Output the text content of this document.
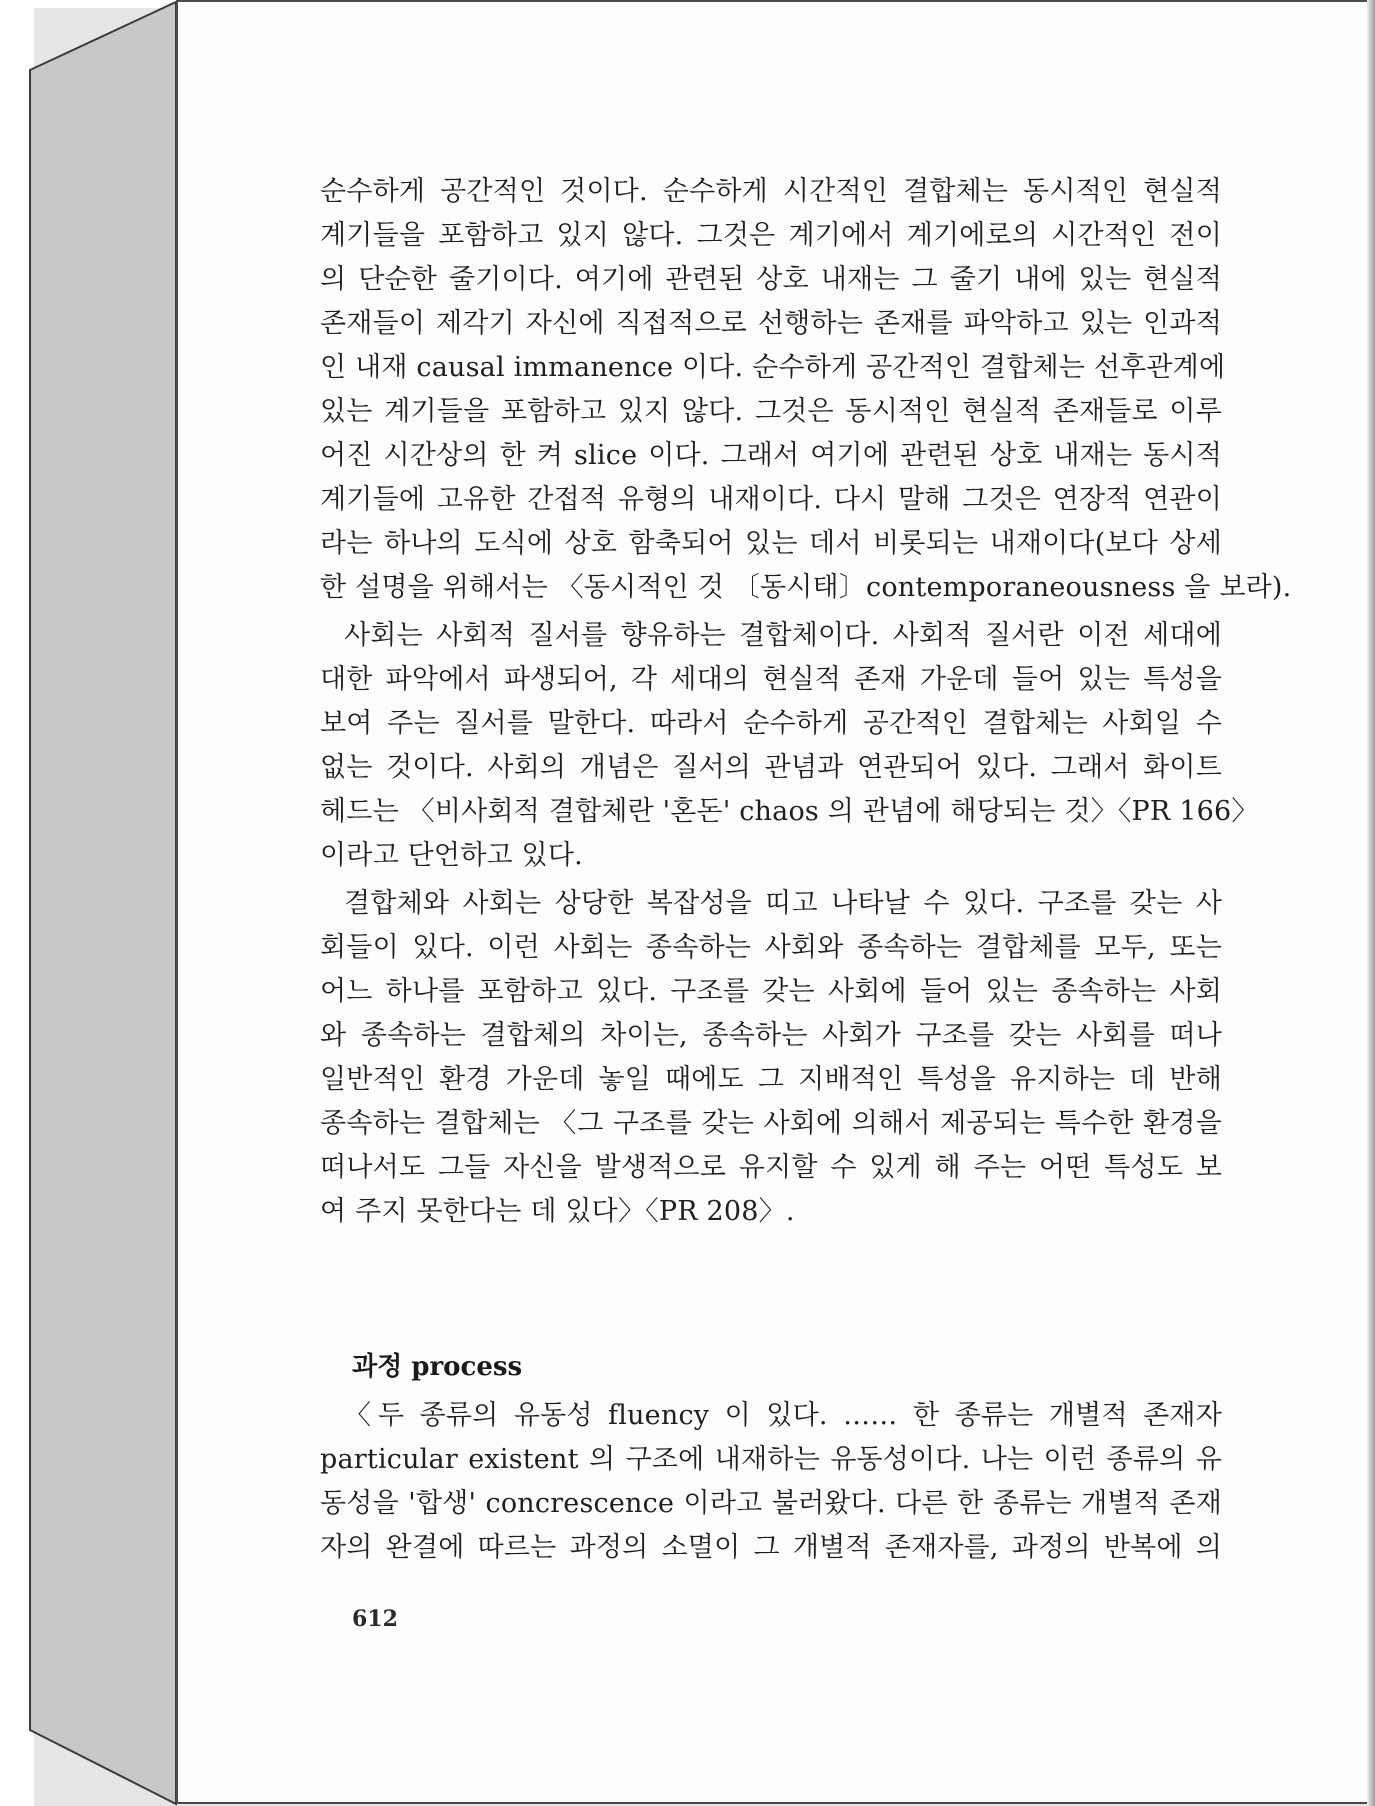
순수하게 공간적인 것이다. 순수하게 시간적인 결합체는 동시적인 현실적
계기들을 포함하고 있지 않다. 그것은 계기에서 계기에로의 시간적인 전이
의 단순한 줄기이다. 여기에 관련된 상호 내재는 그 줄기 내에 있는 현실적
존재들이 제각기 자신에 직접적으로 선행하는 존재를 파악하고 있는 인과적
인 내재 causal immanence 이다. 순수하게 공간적인 결합체는 선후관계에
있는 계기들을 포함하고 있지 않다. 그것은 동시적인 현실적 존재들로 이루
어진 시간상의 한 켜 slice 이다. 그래서 여기에 관련된 상호 내재는 동시적
계기들에 고유한 간접적 유형의 내재이다. 다시 말해 그것은 연장적 연관이
라는 하나의 도식에 상호 함축되어 있는 데서 비롯되는 내재이다(보다 상세
한 설명을 위해서는 〈동시적인 것 〔동시태〕contemporaneousness 을 보라).
사회는 사회적 질서를 향유하는 결합체이다. 사회적 질서란 이전 세대에
대한 파악에서 파생되어, 각 세대의 현실적 존재 가운데 들어 있는 특성을
보여 주는 질서를 말한다. 따라서 순수하게 공간적인 결합체는 사회일 수
없는 것이다. 사회의 개념은 질서의 관념과 연관되어 있다. 그래서 화이트
헤드는 〈비사회적 결합체란 '혼돈' chaos 의 관념에 해당되는 것〉〈PR 166〉
이라고 단언하고 있다.
결합체와 사회는 상당한 복잡성을 띠고 나타날 수 있다. 구조를 갖는 사
회들이 있다. 이런 사회는 종속하는 사회와 종속하는 결합체를 모두, 또는
어느 하나를 포함하고 있다. 구조를 갖는 사회에 들어 있는 종속하는 사회
와 종속하는 결합체의 차이는, 종속하는 사회가 구조를 갖는 사회를 떠나
일반적인 환경 가운데 놓일 때에도 그 지배적인 특성을 유지하는 데 반해
종속하는 결합체는 〈그 구조를 갖는 사회에 의해서 제공되는 특수한 환경을
떠나서도 그들 자신을 발생적으로 유지할 수 있게 해 주는 어떤 특성도 보
여 주지 못한다는 데 있다〉〈PR 208〉.
과정 process
〈두 종류의 유동성 fluency 이 있다. …… 한 종류는 개별적 존재자
particular existent 의 구조에 내재하는 유동성이다. 나는 이런 종류의 유
동성을 '합생' concrescence 이라고 불러왔다. 다른 한 종류는 개별적 존재
자의 완결에 따르는 과정의 소멸이 그 개별적 존재자를, 과정의 반복에 의
612
